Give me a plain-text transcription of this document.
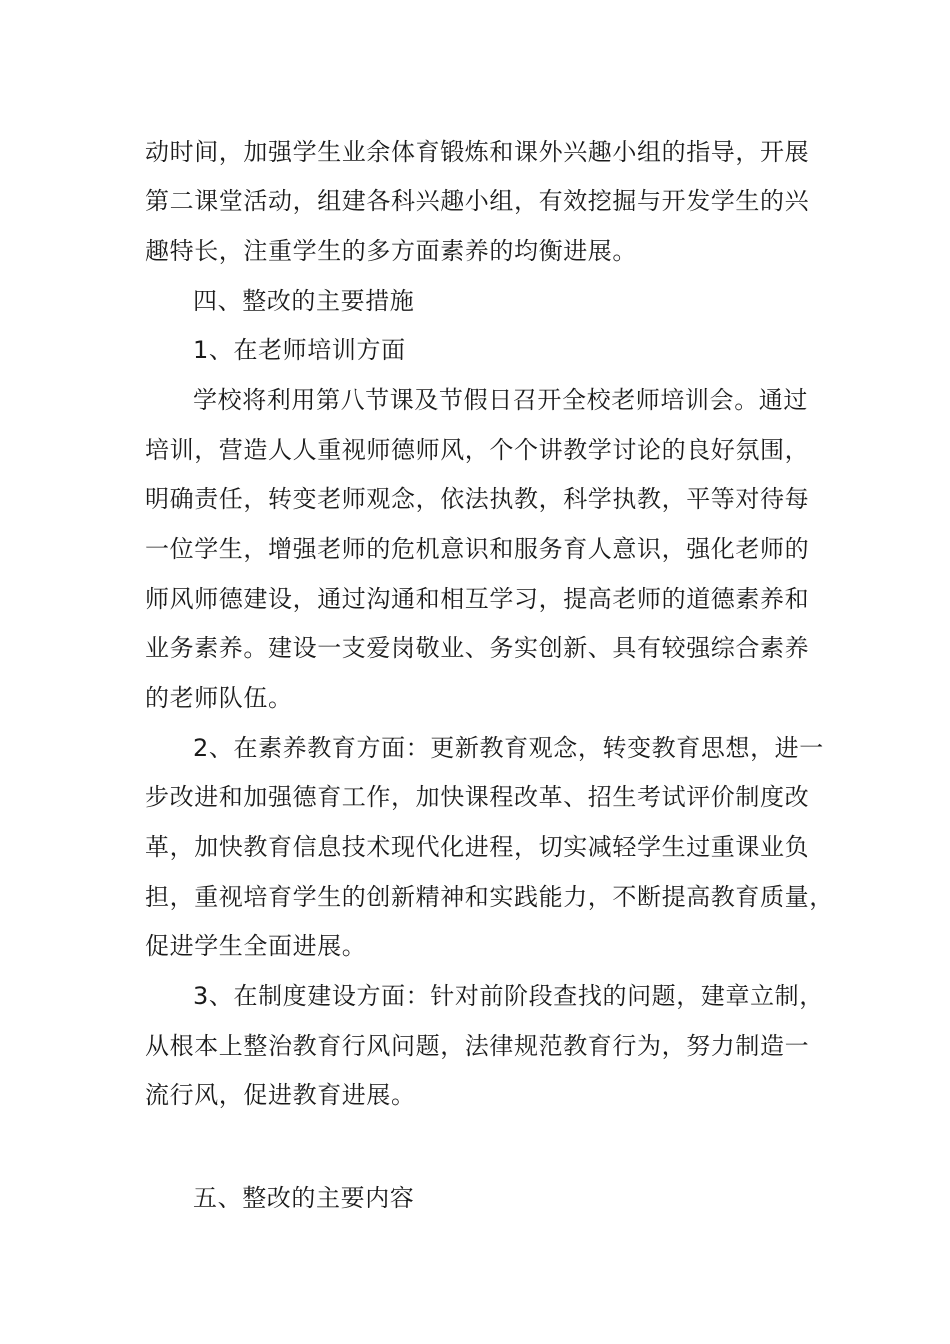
动时间，加强学生业余体育锻炼和课外兴趣小组的指导，开展
第二课堂活动，组建各科兴趣小组，有效挖掘与开发学生的兴
趣特长，注重学生的多方面素养的均衡进展。
四、整改的主要措施
1、在老师培训方面
学校将利用第八节课及节假日召开全校老师培训会。通过
培训，营造人人重视师德师风，个个讲教学讨论的良好氛围，
明确责任，转变老师观念，依法执教，科学执教，平等对待每
一位学生，增强老师的危机意识和服务育人意识，强化老师的
师风师德建设，通过沟通和相互学习，提高老师的道德素养和
业务素养。建设一支爱岗敬业、务实创新、具有较强综合素养
的老师队伍。
2、在素养教育方面：更新教育观念，转变教育思想，进一
步改进和加强德育工作，加快课程改革、招生考试评价制度改
革，加快教育信息技术现代化进程，切实减轻学生过重课业负
担，重视培育学生的创新精神和实践能力，不断提高教育质量，
促进学生全面进展。
3、在制度建设方面：针对前阶段查找的问题，建章立制，
从根本上整治教育行风问题，法律规范教育行为，努力制造一
流行风，促进教育进展。
五、整改的主要内容
